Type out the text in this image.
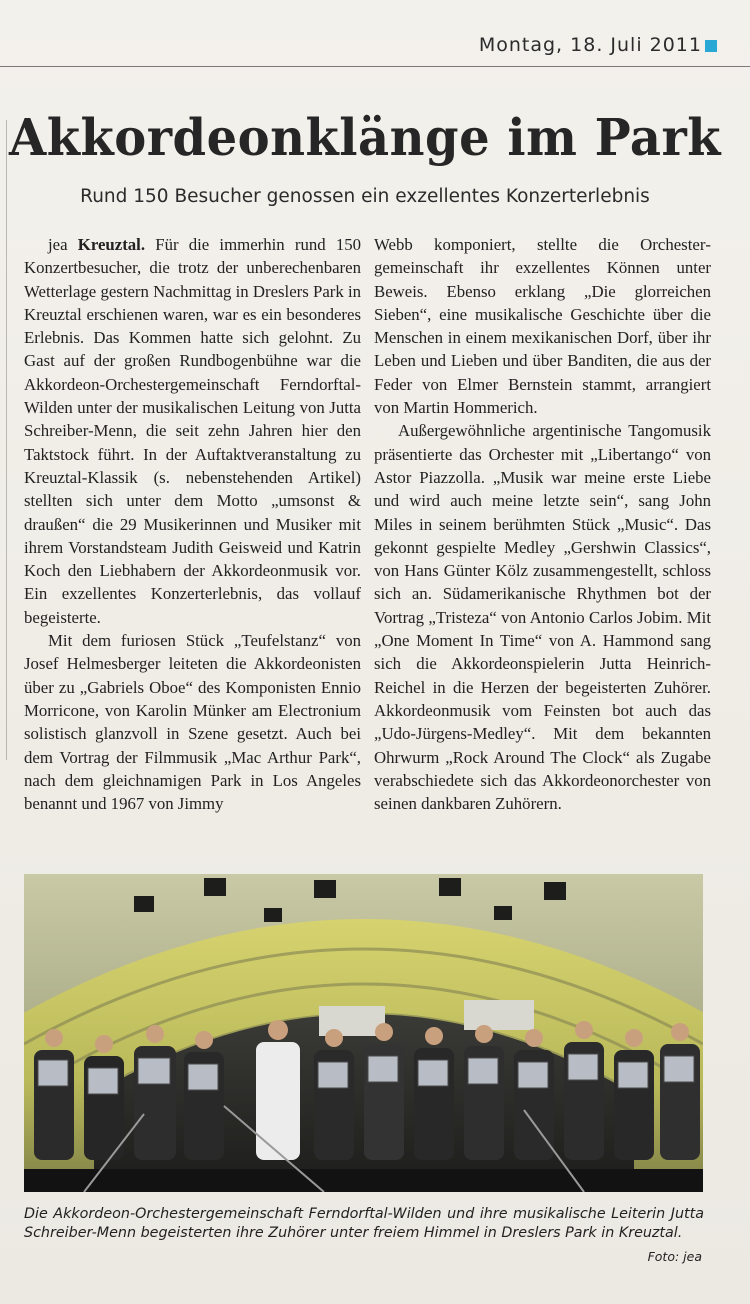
Montag, 18. Juli 2011
Akkordeonklänge im Park
Rund 150 Besucher genossen ein exzellentes Konzerterlebnis

jea Kreuztal. Für die immerhin rund 150 Konzertbesucher, die trotz der unberechenbaren Wetterlage gestern Nachmittag in Dreslers Park in Kreuztal erschienen waren, war es ein besonderes Erlebnis. Das Kommen hatte sich gelohnt. Zu Gast auf der großen Rundbogenbühne war die Akkordeon-Orchestergemeinschaft Ferndorftal-Wilden unter der musikalischen Leitung von Jutta Schreiber-Menn, die seit zehn Jahren hier den Taktstock führt. In der Auftaktveranstaltung zu Kreuztal-Klassik (s. nebenstehenden Artikel) stellten sich unter dem Motto „umsonst & draußen“ die 29 Musikerinnen und Musiker mit ihrem Vorstandsteam Judith Geisweid und Katrin Koch den Liebhabern der Akkordeonmusik vor. Ein exzellentes Konzerterlebnis, das vollauf begeisterte.

Mit dem furiosen Stück „Teufelstanz“ von Josef Helmesberger leiteten die Akkordeonisten über zu „Gabriels Oboe“ des Komponisten Ennio Morricone, von Karolin Münker am Electronium solistisch glanzvoll in Szene gesetzt. Auch bei dem Vortrag der Filmmusik „Mac Arthur Park“, nach dem gleichnamigen Park in Los Angeles benannt und 1967 von Jimmy

Webb komponiert, stellte die Orchestergemeinschaft ihr exzellentes Können unter Beweis. Ebenso erklang „Die glorreichen Sieben“, eine musikalische Geschichte über die Menschen in einem mexikanischen Dorf, über ihr Leben und Lieben und über Banditen, die aus der Feder von Elmer Bernstein stammt, arrangiert von Martin Hommerich.

Außergewöhnliche argentinische Tangomusik präsentierte das Orchester mit „Libertango“ von Astor Piazzolla. „Musik war meine erste Liebe und wird auch meine letzte sein“, sang John Miles in seinem berühmten Stück „Music“. Das gekonnt gespielte Medley „Gershwin Classics“, von Hans Günter Kölz zusammengestellt, schloss sich an. Südamerikanische Rhythmen bot der Vortrag „Tristeza“ von Antonio Carlos Jobim. Mit „One Moment In Time“ von A. Hammond sang sich die Akkordeonspielerin Jutta Heinrich-Reichel in die Herzen der begeisterten Zuhörer. Akkordeonmusik vom Feinsten bot auch das „Udo-Jürgens-Medley“. Mit dem bekannten Ohrwurm „Rock Around The Clock“ als Zugabe verabschiedete sich das Akkordeonorchester von seinen dankbaren Zuhörern.

Die Akkordeon-Orchestergemeinschaft Ferndorftal-Wilden und ihre musikalische Leiterin Jutta Schreiber-Menn begeisterten ihre Zuhörer unter freiem Himmel in Dreslers Park in Kreuztal.
Foto: jea
